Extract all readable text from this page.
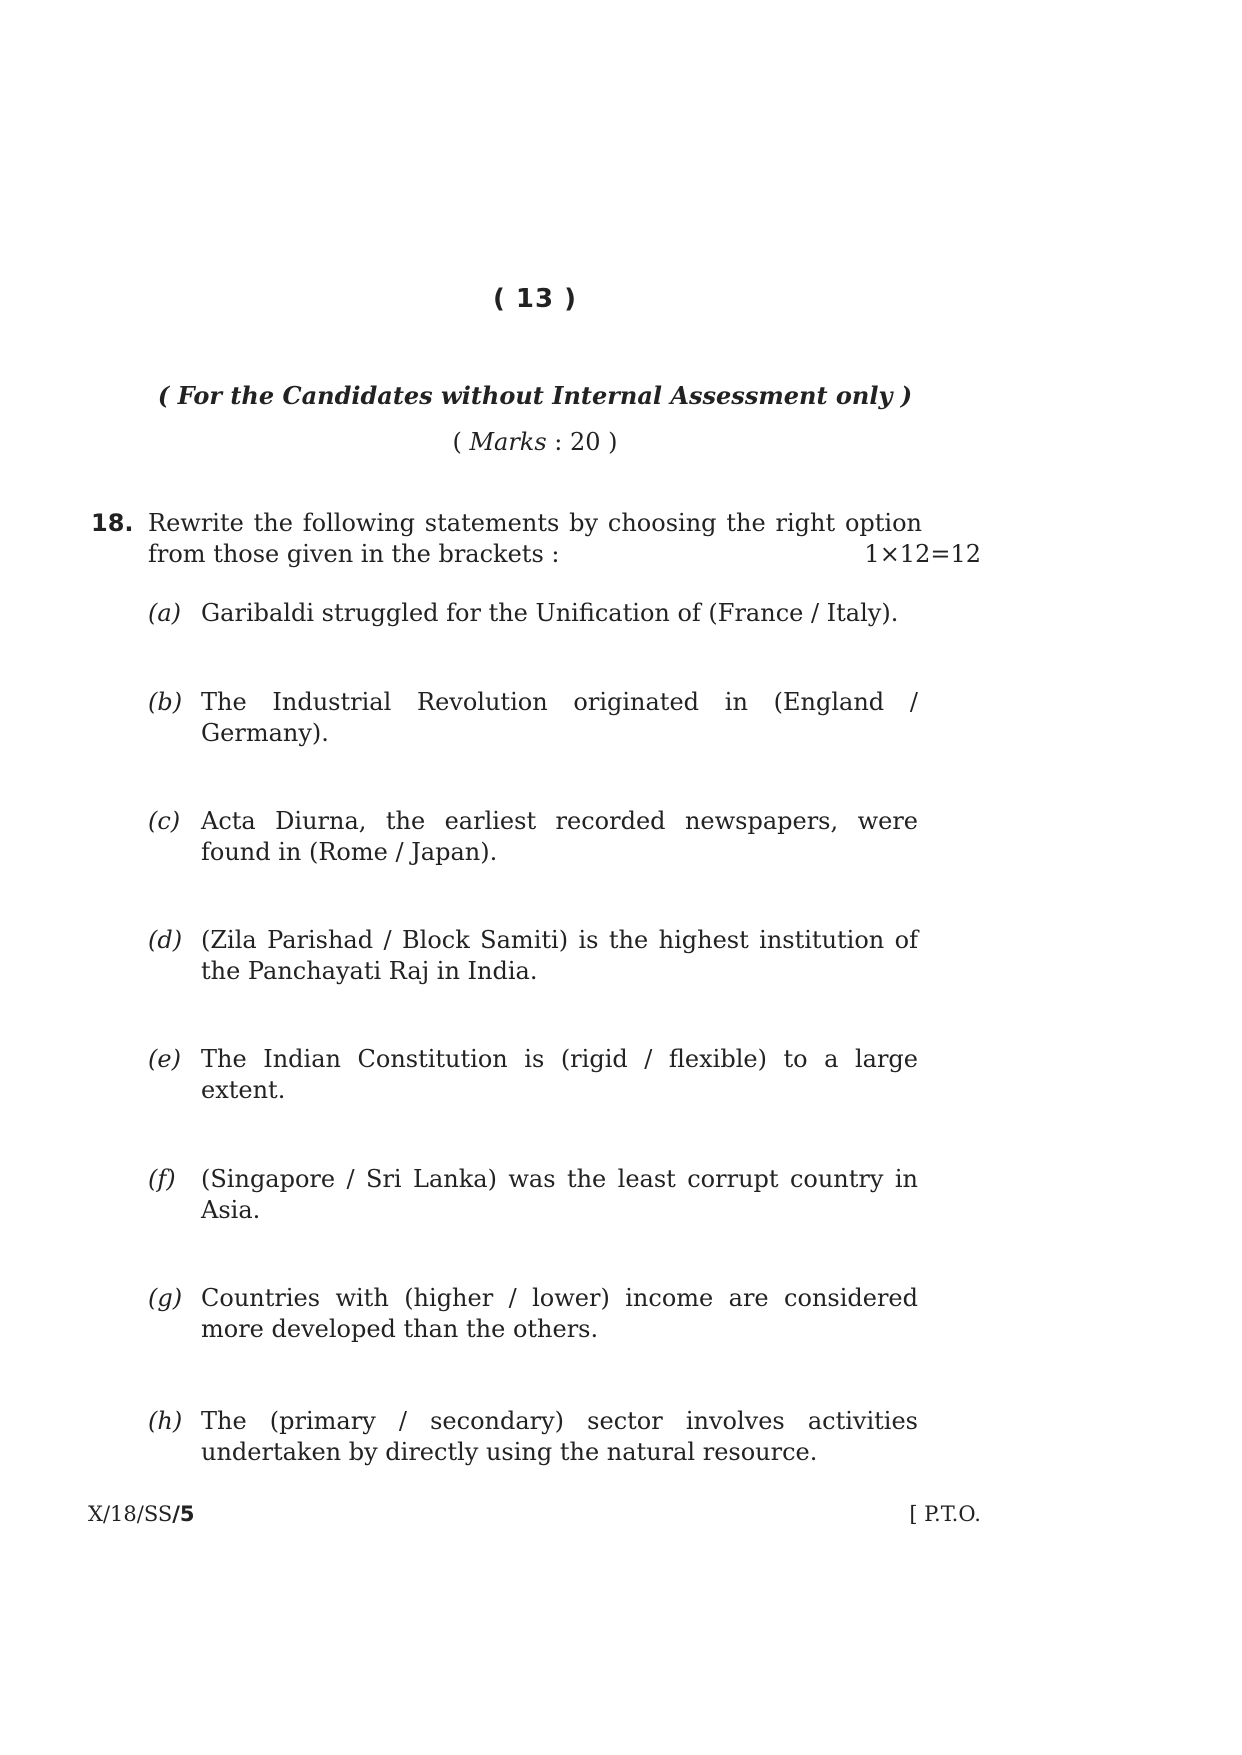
( 13 )
( For the Candidates without Internal Assessment only )
( Marks : 20 )
18. Rewrite the following statements by choosing the right option from those given in the brackets :	1×12=12
(a) Garibaldi struggled for the Unification of (France / Italy).
(b) The Industrial Revolution originated in (England / Germany).
(c) Acta Diurna, the earliest recorded newspapers, were found in (Rome / Japan).
(d) (Zila Parishad / Block Samiti) is the highest institution of the Panchayati Raj in India.
(e) The Indian Constitution is (rigid / flexible) to a large extent.
(f) (Singapore / Sri Lanka) was the least corrupt country in Asia.
(g) Countries with (higher / lower) income are considered more developed than the others.
(h) The (primary / secondary) sector involves activities undertaken by directly using the natural resource.
X/18/SS/5	[ P.T.O.
